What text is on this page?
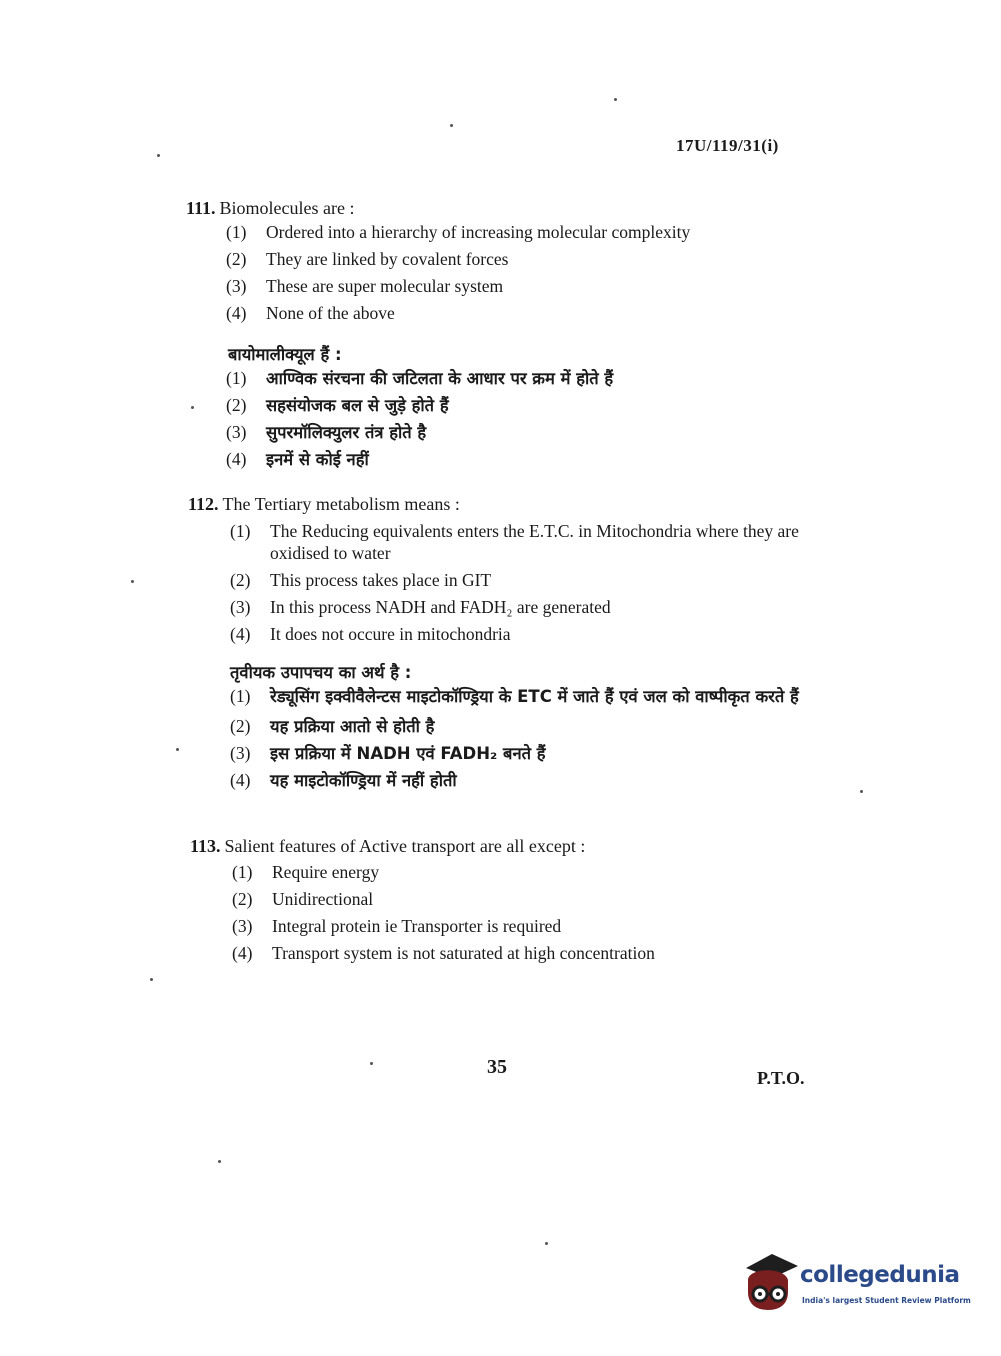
17U/119/31(i)
111. Biomolecules are :
(1)	Ordered into a hierarchy of increasing molecular complexity
(2)	They are linked by covalent forces
(3)	These are super molecular system
(4)	None of the above
बायोमालीक्यूल हैं :
(1)	आण्विक संरचना की जटिलता के आधार पर क्रम में होते हैं
(2)	सहसंयोजक बल से जुड़े होते हैं
(3)	सुपरमॉलिक्युलर तंत्र होते है
(4)	इनमें से कोई नहीं
112. The Tertiary metabolism means :
(1)	The Reducing equivalents enters the E.T.C. in Mitochondria where they are oxidised to water
(2)	This process takes place in GIT
(3)	In this process NADH and FADH₂ are generated
(4)	It does not occure in mitochondria
तृवीयक उपापचय का अर्थ है :
(1)	रेड्यूसिंग इक्वीवैलेन्टस माइटोकॉण्ड्रिया के ETC में जाते हैं एवं जल को वाष्पीकृत करते हैं
(2)	यह प्रक्रिया आतो से होती है
(3)	इस प्रक्रिया में NADH एवं FADH₂ बनते हैं
(4)	यह माइटोकॉण्ड्रिया में नहीं होती
113. Salient features of Active transport are all except :
(1)	Require energy
(2)	Unidirectional
(3)	Integral protein ie Transporter is required
(4)	Transport system is not saturated at high concentration
35	P.T.O.
collegedunia
India's largest Student Review Platform
